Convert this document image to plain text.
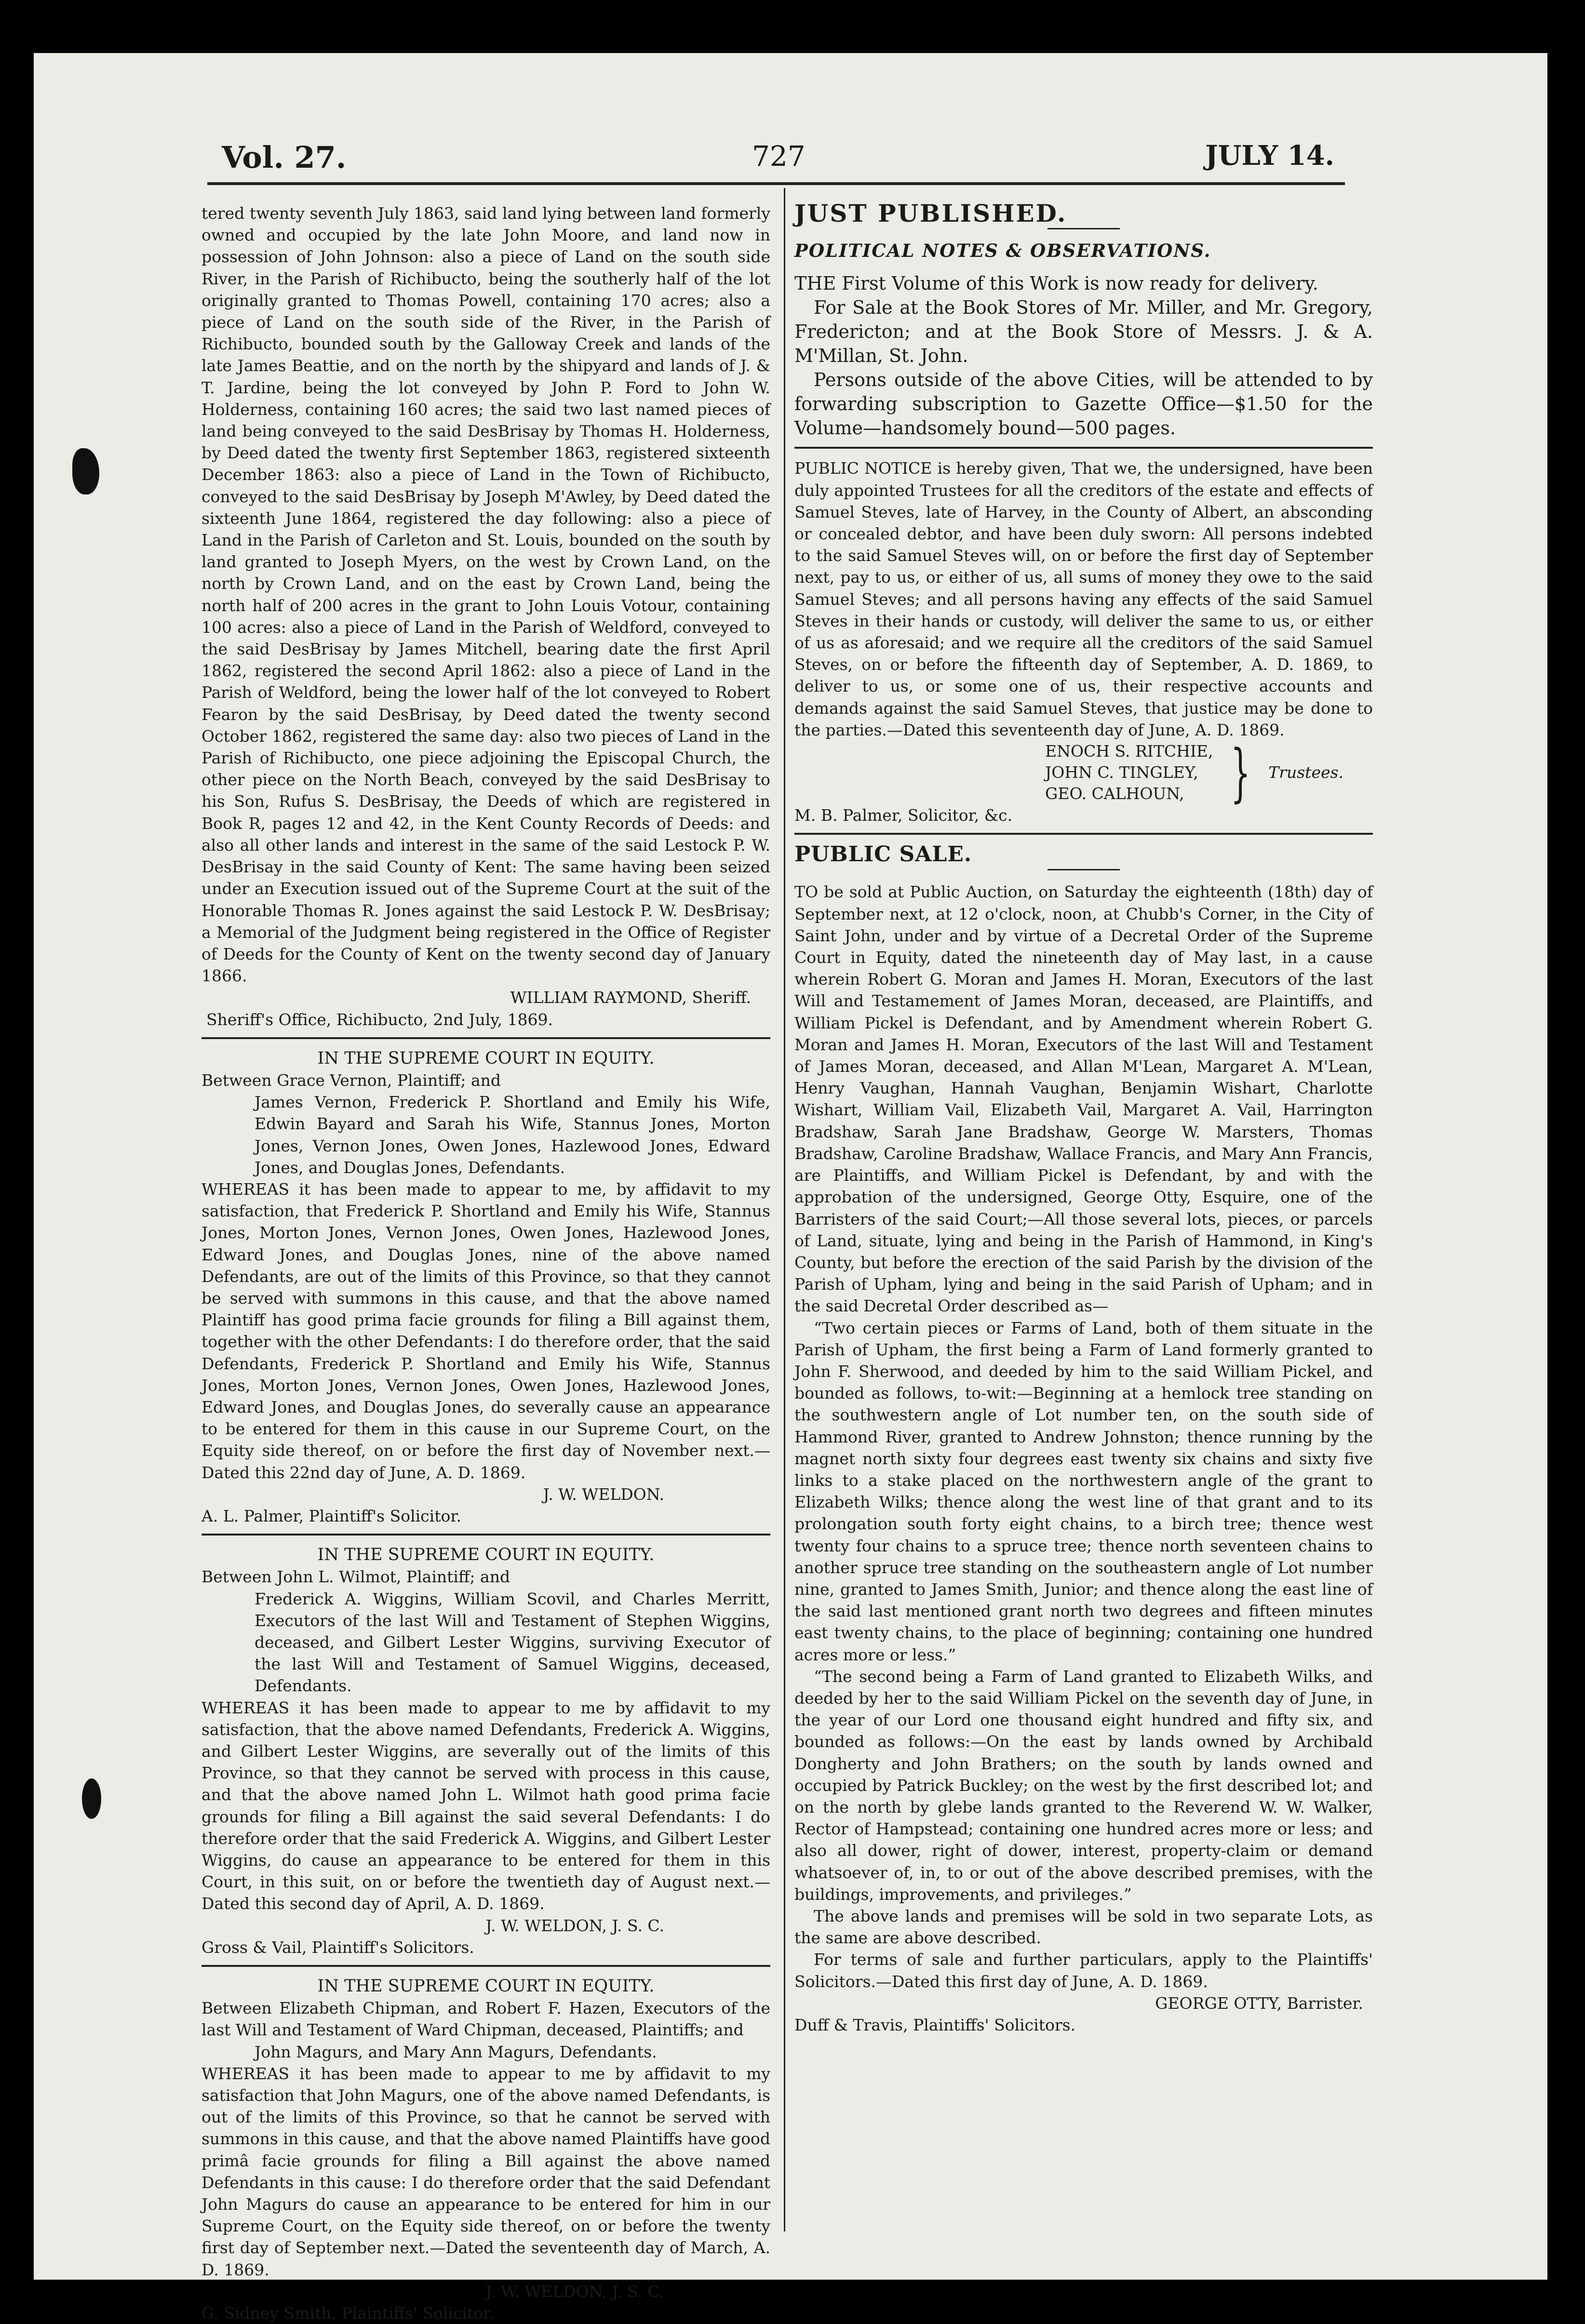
Vol. 27.	727	JULY 14.

tered twenty seventh July 1863, said land lying between land formerly owned and occupied by the late John Moore, and land now in possession of John Johnson: also a piece of Land on the south side River, in the Parish of Richibucto, being the southerly half of the lot originally granted to Thomas Powell, containing 170 acres; also a piece of Land on the south side of the River, in the Parish of Richibucto, bounded south by the Galloway Creek and lands of the late James Beattie, and on the north by the shipyard and lands of J. & T. Jardine, being the lot conveyed by John P. Ford to John W. Holderness, containing 160 acres; the said two last named pieces of land being conveyed to the said DesBrisay by Thomas H. Holderness, by Deed dated the twenty first September 1863, registered sixteenth December 1863: also a piece of Land in the Town of Richibucto, conveyed to the said DesBrisay by Joseph M'Awley, by Deed dated the sixteenth June 1864, registered the day following: also a piece of Land in the Parish of Carleton and St. Louis, bounded on the south by land granted to Joseph Myers, on the west by Crown Land, on the north by Crown Land, and on the east by Crown Land, being the north half of 200 acres in the grant to John Louis Votour, containing 100 acres: also a piece of Land in the Parish of Weldford, conveyed to the said DesBrisay by James Mitchell, bearing date the first April 1862, registered the second April 1862: also a piece of Land in the Parish of Weldford, being the lower half of the lot conveyed to Robert Fearon by the said DesBrisay, by Deed dated the twenty second October 1862, registered the same day: also two pieces of Land in the Parish of Richibucto, one piece adjoining the Episcopal Church, the other piece on the North Beach, conveyed by the said DesBrisay to his Son, Rufus S. DesBrisay, the Deeds of which are registered in Book R, pages 12 and 42, in the Kent County Records of Deeds: and also all other lands and interest in the same of the said Lestock P. W. DesBrisay in the said County of Kent: The same having been seized under an Execution issued out of the Supreme Court at the suit of the Honorable Thomas R. Jones against the said Lestock P. W. DesBrisay; a Memorial of the Judgment being registered in the Office of Register of Deeds for the County of Kent on the twenty second day of January 1866.

WILLIAM RAYMOND, Sheriff.

Sheriff's Office, Richibucto, 2nd July, 1869.

IN THE SUPREME COURT IN EQUITY.

Between Grace Vernon, Plaintiff; and

James Vernon, Frederick P. Shortland and Emily his Wife, Edwin Bayard and Sarah his Wife, Stannus Jones, Morton Jones, Vernon Jones, Owen Jones, Hazlewood Jones, Edward Jones, and Douglas Jones, Defendants.

WHEREAS it has been made to appear to me, by affidavit to my satisfaction, that Frederick P. Shortland and Emily his Wife, Stannus Jones, Morton Jones, Vernon Jones, Owen Jones, Hazlewood Jones, Edward Jones, and Douglas Jones, nine of the above named Defendants, are out of the limits of this Province, so that they cannot be served with summons in this cause, and that the above named Plaintiff has good prima facie grounds for filing a Bill against them, together with the other Defendants: I do therefore order, that the said Defendants, Frederick P. Shortland and Emily his Wife, Stannus Jones, Morton Jones, Vernon Jones, Owen Jones, Hazlewood Jones, Edward Jones, and Douglas Jones, do severally cause an appearance to be entered for them in this cause in our Supreme Court, on the Equity side thereof, on or before the first day of November next.—Dated this 22nd day of June, A. D. 1869.

J. W. WELDON.

A. L. Palmer, Plaintiff's Solicitor.

IN THE SUPREME COURT IN EQUITY.

Between John L. Wilmot, Plaintiff; and

Frederick A. Wiggins, William Scovil, and Charles Merritt, Executors of the last Will and Testament of Stephen Wiggins, deceased, and Gilbert Lester Wiggins, surviving Executor of the last Will and Testament of Samuel Wiggins, deceased, Defendants.

WHEREAS it has been made to appear to me by affidavit to my satisfaction, that the above named Defendants, Frederick A. Wiggins, and Gilbert Lester Wiggins, are severally out of the limits of this Province, so that they cannot be served with process in this cause, and that the above named John L. Wilmot hath good prima facie grounds for filing a Bill against the said several Defendants: I do therefore order that the said Frederick A. Wiggins, and Gilbert Lester Wiggins, do cause an appearance to be entered for them in this Court, in this suit, on or before the twentieth day of August next.—Dated this second day of April, A. D. 1869.

J. W. WELDON, J. S. C.

Gross & Vail, Plaintiff's Solicitors.

IN THE SUPREME COURT IN EQUITY.

Between Elizabeth Chipman, and Robert F. Hazen, Executors of the last Will and Testament of Ward Chipman, deceased, Plaintiffs; and

John Magurs, and Mary Ann Magurs, Defendants.

WHEREAS it has been made to appear to me by affidavit to my satisfaction that John Magurs, one of the above named Defendants, is out of the limits of this Province, so that he cannot be served with summons in this cause, and that the above named Plaintiffs have good primâ facie grounds for filing a Bill against the above named Defendants in this cause: I do therefore order that the said Defendant John Magurs do cause an appearance to be entered for him in our Supreme Court, on the Equity side thereof, on or before the twenty first day of September next.—Dated the seventeenth day of March, A. D. 1869.

J. W. WELDON, J. S. C.

G. Sidney Smith, Plaintiffs' Solicitor.

JUST PUBLISHED.

POLITICAL NOTES & OBSERVATIONS.

THE First Volume of this Work is now ready for delivery.

For Sale at the Book Stores of Mr. Miller, and Mr. Gregory, Fredericton; and at the Book Store of Messrs. J. & A. M'Millan, St. John.

Persons outside of the above Cities, will be attended to by forwarding subscription to Gazette Office—$1.50 for the Volume—handsomely bound—500 pages.

PUBLIC NOTICE is hereby given, That we, the undersigned, have been duly appointed Trustees for all the creditors of the estate and effects of Samuel Steves, late of Harvey, in the County of Albert, an absconding or concealed debtor, and have been duly sworn: All persons indebted to the said Samuel Steves will, on or before the first day of September next, pay to us, or either of us, all sums of money they owe to the said Samuel Steves; and all persons having any effects of the said Samuel Steves in their hands or custody, will deliver the same to us, or either of us as aforesaid; and we require all the creditors of the said Samuel Steves, on or before the fifteenth day of September, A. D. 1869, to deliver to us, or some one of us, their respective accounts and demands against the said Samuel Steves, that justice may be done to the parties.—Dated this seventeenth day of June, A. D. 1869.

ENOCH S. RITCHIE,
JOHN C. TINGLEY,
GEO. CALHOUN, } Trustees.

M. B. Palmer, Solicitor, &c.

PUBLIC SALE.

TO be sold at Public Auction, on Saturday the eighteenth (18th) day of September next, at 12 o'clock, noon, at Chubb's Corner, in the City of Saint John, under and by virtue of a Decretal Order of the Supreme Court in Equity, dated the nineteenth day of May last, in a cause wherein Robert G. Moran and James H. Moran, Executors of the last Will and Testamement of James Moran, deceased, are Plaintiffs, and William Pickel is Defendant, and by Amendment wherein Robert G. Moran and James H. Moran, Executors of the last Will and Testament of James Moran, deceased, and Allan M'Lean, Margaret A. M'Lean, Henry Vaughan, Hannah Vaughan, Benjamin Wishart, Charlotte Wishart, William Vail, Elizabeth Vail, Margaret A. Vail, Harrington Bradshaw, Sarah Jane Bradshaw, George W. Marsters, Thomas Bradshaw, Caroline Bradshaw, Wallace Francis, and Mary Ann Francis, are Plaintiffs, and William Pickel is Defendant, by and with the approbation of the undersigned, George Otty, Esquire, one of the Barristers of the said Court;—All those several lots, pieces, or parcels of Land, situate, lying and being in the Parish of Hammond, in King's County, but before the erection of the said Parish by the division of the Parish of Upham, lying and being in the said Parish of Upham; and in the said Decretal Order described as—

“Two certain pieces or Farms of Land, both of them situate in the Parish of Upham, the first being a Farm of Land formerly granted to John F. Sherwood, and deeded by him to the said William Pickel, and bounded as follows, to-wit:—Beginning at a hemlock tree standing on the southwestern angle of Lot number ten, on the south side of Hammond River, granted to Andrew Johnston; thence running by the magnet north sixty four degrees east twenty six chains and sixty five links to a stake placed on the northwestern angle of the grant to Elizabeth Wilks; thence along the west line of that grant and to its prolongation south forty eight chains, to a birch tree; thence west twenty four chains to a spruce tree; thence north seventeen chains to another spruce tree standing on the southeastern angle of Lot number nine, granted to James Smith, Junior; and thence along the east line of the said last mentioned grant north two degrees and fifteen minutes east twenty chains, to the place of beginning; containing one hundred acres more or less.”

“The second being a Farm of Land granted to Elizabeth Wilks, and deeded by her to the said William Pickel on the seventh day of June, in the year of our Lord one thousand eight hundred and fifty six, and bounded as follows:—On the east by lands owned by Archibald Dongherty and John Brathers; on the south by lands owned and occupied by Patrick Buckley; on the west by the first described lot; and on the north by glebe lands granted to the Reverend W. W. Walker, Rector of Hampstead; containing one hundred acres more or less; and also all dower, right of dower, interest, property-claim or demand whatsoever of, in, to or out of the above described premises, with the buildings, improvements, and privileges.”

The above lands and premises will be sold in two separate Lots, as the same are above described.

For terms of sale and further particulars, apply to the Plaintiffs' Solicitors.—Dated this first day of June, A. D. 1869.

GEORGE OTTY, Barrister.

Duff & Travis, Plaintiffs' Solicitors.
